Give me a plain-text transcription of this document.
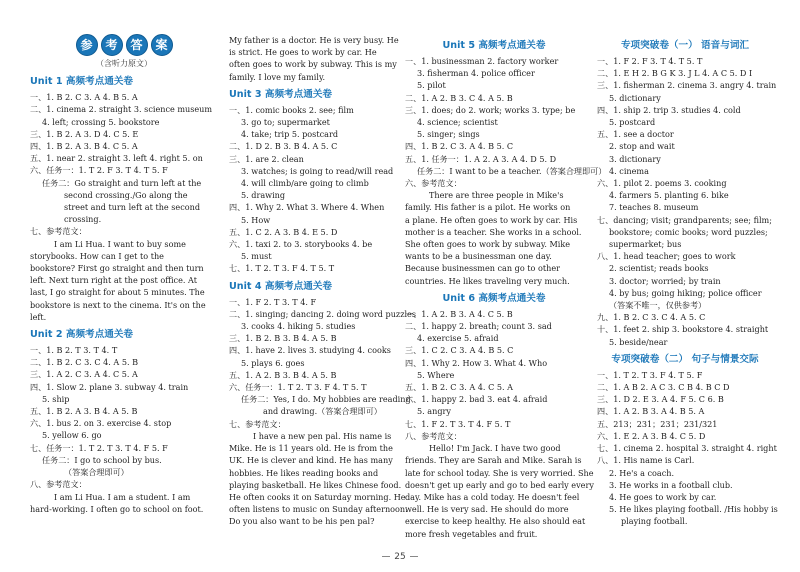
参	考	答	案
（含听力原文）
Unit 1 高频考点通关卷
一、1. B 2. C 3. A 4. B 5. A
二、1. cinema 2. straight 3. science museum
4. left; crossing 5. bookstore
三、1. B 2. A 3. D 4. C 5. E
四、1. B 2. A 3. B 4. C 5. A
五、1. near 2. straight 3. left 4. right 5. on
六、任务一：1. T 2. F 3. T 4. T 5. F
任务二：Go straight and turn left at the
second crossing./Go along the
street and turn left at the second
crossing.
七、参考范文：
I am Li Hua. I want to buy some
storybooks. How can I get to the
bookstore? First go straight and then turn
left. Next turn right at the post office. At
last, I go straight for about 5 minutes. The
bookstore is next to the cinema. It's on the
left.
Unit 2 高频考点通关卷
一、1. B 2. T 3. T 4. T
二、1. B 2. C 3. C 4. A 5. B
三、1. A 2. C 3. A 4. C 5. A
四、1. Slow 2. plane 3. subway 4. train
5. ship
五、1. B 2. A 3. B 4. A 5. B
六、1. bus 2. on 3. exercise 4. stop
5. yellow 6. go
七、任务一：1. T 2. T 3. T 4. F 5. F
任务二：I go to school by bus.
（答案合理即可）
八、参考范文：
I am Li Hua. I am a student. I am
hard-working. I often go to school on foot.
My father is a doctor. He is very busy. He
is strict. He goes to work by car. He
often goes to work by subway. This is my
family. I love my family.
Unit 3 高频考点通关卷
一、1. comic books 2. see; film
3. go to; supermarket
4. take; trip 5. postcard
二、1. D 2. B 3. B 4. A 5. C
三、1. are 2. clean
3. watches; is going to read/will read
4. will climb/are going to climb
5. drawing
四、1. Why 2. What 3. Where 4. When
5. How
五、1. C 2. A 3. B 4. E 5. D
六、1. taxi 2. to 3. storybooks 4. be
5. must
七、1. T 2. T 3. F 4. T 5. T
Unit 4 高频考点通关卷
一、1. F 2. T 3. T 4. F
二、1. singing; dancing 2. doing word puzzles
3. cooks 4. hiking 5. studies
三、1. B 2. B 3. B 4. A 5. B
四、1. have 2. lives 3. studying 4. cooks
5. plays 6. goes
五、1. A 2. B 3. B 4. A 5. B
六、任务一：1. T 2. T 3. F 4. T 5. T
任务二：Yes, I do. My hobbies are reading
and drawing.（答案合理即可）
七、参考范文：
I have a new pen pal. His name is
Mike. He is 11 years old. He is from the
UK. He is clever and kind. He has many
hobbies. He likes reading books and
playing basketball. He likes Chinese food.
He often cooks it on Saturday morning. He
often listens to music on Sunday afternoon.
Do you also want to be his pen pal?
Unit 5 高频考点通关卷
一、1. businessman 2. factory worker
3. fisherman 4. police officer
5. pilot
二、1. A 2. B 3. C 4. A 5. B
三、1. does; do 2. work; works 3. type; be
4. science; scientist
5. singer; sings
四、1. B 2. C 3. A 4. B 5. C
五、1. 任务一：1. A 2. A 3. A 4. D 5. D
任务二：I want to be a teacher.（答案合理即可）
六、参考范文：
There are three people in Mike's
family. His father is a pilot. He works on
a plane. He often goes to work by car. His
mother is a teacher. She works in a school.
She often goes to work by subway. Mike
wants to be a businessman one day.
Because businessmen can go to other
countries. He likes traveling very much.
Unit 6 高频考点通关卷
一、1. A 2. B 3. A 4. C 5. B
二、1. happy 2. breath; count 3. sad
4. exercise 5. afraid
三、1. C 2. C 3. A 4. B 5. C
四、1. Why 2. How 3. What 4. Who
5. Where
五、1. B 2. C 3. A 4. C 5. A
六、1. happy 2. bad 3. eat 4. afraid
5. angry
七、1. F 2. T 3. T 4. F 5. T
八、参考范文：
Hello! I'm Jack. I have two good
friends. They are Sarah and Mike. Sarah is
late for school today. She is very worried. She
doesn't get up early and go to bed early every
day. Mike has a cold today. He doesn't feel
well. He is very sad. He should do more
exercise to keep healthy. He also should eat
more fresh vegetables and fruit.
专项突破卷（一） 语音与词汇
一、1. F 2. F 3. T 4. T 5. T
二、1. E H 2. B G K 3. J L 4. A C 5. D I
三、1. fisherman 2. cinema 3. angry 4. train
5. dictionary
四、1. ship 2. trip 3. studies 4. cold
5. postcard
五、1. see a doctor
2. stop and wait
3. dictionary
4. cinema
六、1. pilot 2. poems 3. cooking
4. farmers 5. planting 6. bike
7. teaches 8. museum
七、dancing; visit; grandparents; see; film;
bookstore; comic books; word puzzles;
supermarket; bus
八、1. head teacher; goes to work
2. scientist; reads books
3. doctor; worried; by train
4. by bus; going hiking; police officer
（答案不唯一，仅供参考）
九、1. B 2. C 3. C 4. A 5. C
十、1. feet 2. ship 3. bookstore 4. straight
5. beside/near
专项突破卷（二） 句子与情景交际
一、1. T 2. T 3. F 4. T 5. F
二、1. A B 2. A C 3. C B 4. B C D
三、1. D 2. E 3. A 4. F 5. C 6. B
四、1. A 2. B 3. A 4. B 5. A
五、213；231；231；231/321
六、1. E 2. A 3. B 4. C 5. D
七、1. cinema 2. hospital 3. straight 4. right
八、1. His name is Carl.
2. He's a coach.
3. He works in a football club.
4. He goes to work by car.
5. He likes playing football. /His hobby is
playing football.
25
